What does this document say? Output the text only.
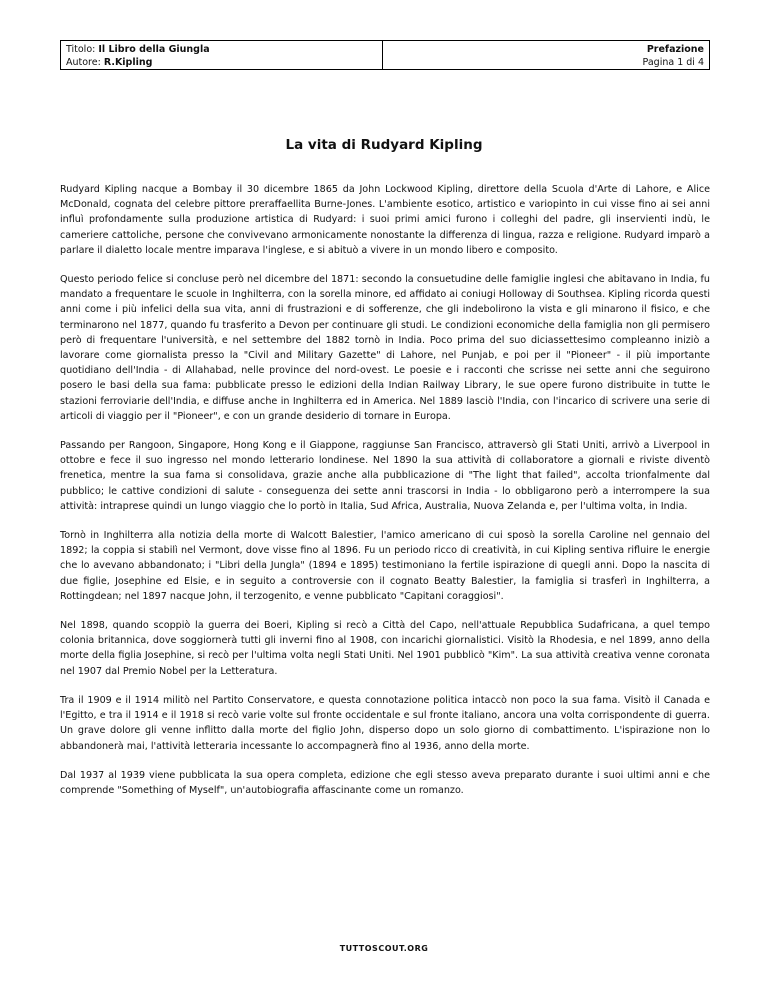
Titolo: Il Libro della Giungla
Autore: R.Kipling
Prefazione
Pagina 1 di 4
La vita di Rudyard Kipling

Rudyard Kipling nacque a Bombay il 30 dicembre 1865 da John Lockwood Kipling, direttore della Scuola d'Arte di Lahore, e Alice McDonald, cognata del celebre pittore preraffaellita Burne-Jones. L'ambiente esotico, artistico e variopinto in cui visse fino ai sei anni influì profondamente sulla produzione artistica di Rudyard: i suoi primi amici furono i colleghi del padre, gli inservienti indù, le cameriere cattoliche, persone che convivevano armonicamente nonostante la differenza di lingua, razza e religione. Rudyard imparò a parlare il dialetto locale mentre imparava l'inglese, e si abituò a vivere in un mondo libero e composito.

Questo periodo felice si concluse però nel dicembre del 1871: secondo la consuetudine delle famiglie inglesi che abitavano in India, fu mandato a frequentare le scuole in Inghilterra, con la sorella minore, ed affidato ai coniugi Holloway di Southsea. Kipling ricorda questi anni come i più infelici della sua vita, anni di frustrazioni e di sofferenze, che gli indebolirono la vista e gli minarono il fisico, e che terminarono nel 1877, quando fu trasferito a Devon per continuare gli studi. Le condizioni economiche della famiglia non gli permisero però di frequentare l'università, e nel settembre del 1882 tornò in India. Poco prima del suo diciassettesimo compleanno iniziò a lavorare come giornalista presso la "Civil and Military Gazette" di Lahore, nel Punjab, e poi per il "Pioneer" - il più importante quotidiano dell'India - di Allahabad, nelle province del nord-ovest. Le poesie e i racconti che scrisse nei sette anni che seguirono posero le basi della sua fama: pubblicate presso le edizioni della Indian Railway Library, le sue opere furono distribuite in tutte le stazioni ferroviarie dell'India, e diffuse anche in Inghilterra ed in America. Nel 1889 lasciò l'India, con l'incarico di scrivere una serie di articoli di viaggio per il "Pioneer", e con un grande desiderio di tornare in Europa.

Passando per Rangoon, Singapore, Hong Kong e il Giappone, raggiunse San Francisco, attraversò gli Stati Uniti, arrivò a Liverpool in ottobre e fece il suo ingresso nel mondo letterario londinese. Nel 1890 la sua attività di collaboratore a giornali e riviste diventò frenetica, mentre la sua fama si consolidava, grazie anche alla pubblicazione di "The light that failed", accolta trionfalmente dal pubblico; le cattive condizioni di salute - conseguenza dei sette anni trascorsi in India - lo obbligarono però a interrompere la sua attività: intraprese quindi un lungo viaggio che lo portò in Italia, Sud Africa, Australia, Nuova Zelanda e, per l'ultima volta, in India.

Tornò in Inghilterra alla notizia della morte di Walcott Balestier, l'amico americano di cui sposò la sorella Caroline nel gennaio del 1892; la coppia si stabilì nel Vermont, dove visse fino al 1896. Fu un periodo ricco di creatività, in cui Kipling sentiva rifluire le energie che lo avevano abbandonato; i "Libri della Jungla" (1894 e 1895) testimoniano la fertile ispirazione di quegli anni. Dopo la nascita di due figlie, Josephine ed Elsie, e in seguito a controversie con il cognato Beatty Balestier, la famiglia si trasferì in Inghilterra, a Rottingdean; nel 1897 nacque John, il terzogenito, e venne pubblicato "Capitani coraggiosi".

Nel 1898, quando scoppiò la guerra dei Boeri, Kipling si recò a Città del Capo, nell'attuale Repubblica Sudafricana, a quel tempo colonia britannica, dove soggiornerà tutti gli inverni fino al 1908, con incarichi giornalistici. Visitò la Rhodesia, e nel 1899, anno della morte della figlia Josephine, si recò per l'ultima volta negli Stati Uniti. Nel 1901 pubblicò "Kim". La sua attività creativa venne coronata nel 1907 dal Premio Nobel per la Letteratura.

Tra il 1909 e il 1914 militò nel Partito Conservatore, e questa connotazione politica intaccò non poco la sua fama. Visitò il Canada e l'Egitto, e tra il 1914 e il 1918 si recò varie volte sul fronte occidentale e sul fronte italiano, ancora una volta corrispondente di guerra. Un grave dolore gli venne inflitto dalla morte del figlio John, disperso dopo un solo giorno di combattimento. L'ispirazione non lo abbandonerà mai, l'attività letteraria incessante lo accompagnerà fino al 1936, anno della morte.

Dal 1937 al 1939 viene pubblicata la sua opera completa, edizione che egli stesso aveva preparato durante i suoi ultimi anni e che comprende "Something of Myself", un'autobiografia affascinante come un romanzo.

TUTTOSCOUT.ORG
